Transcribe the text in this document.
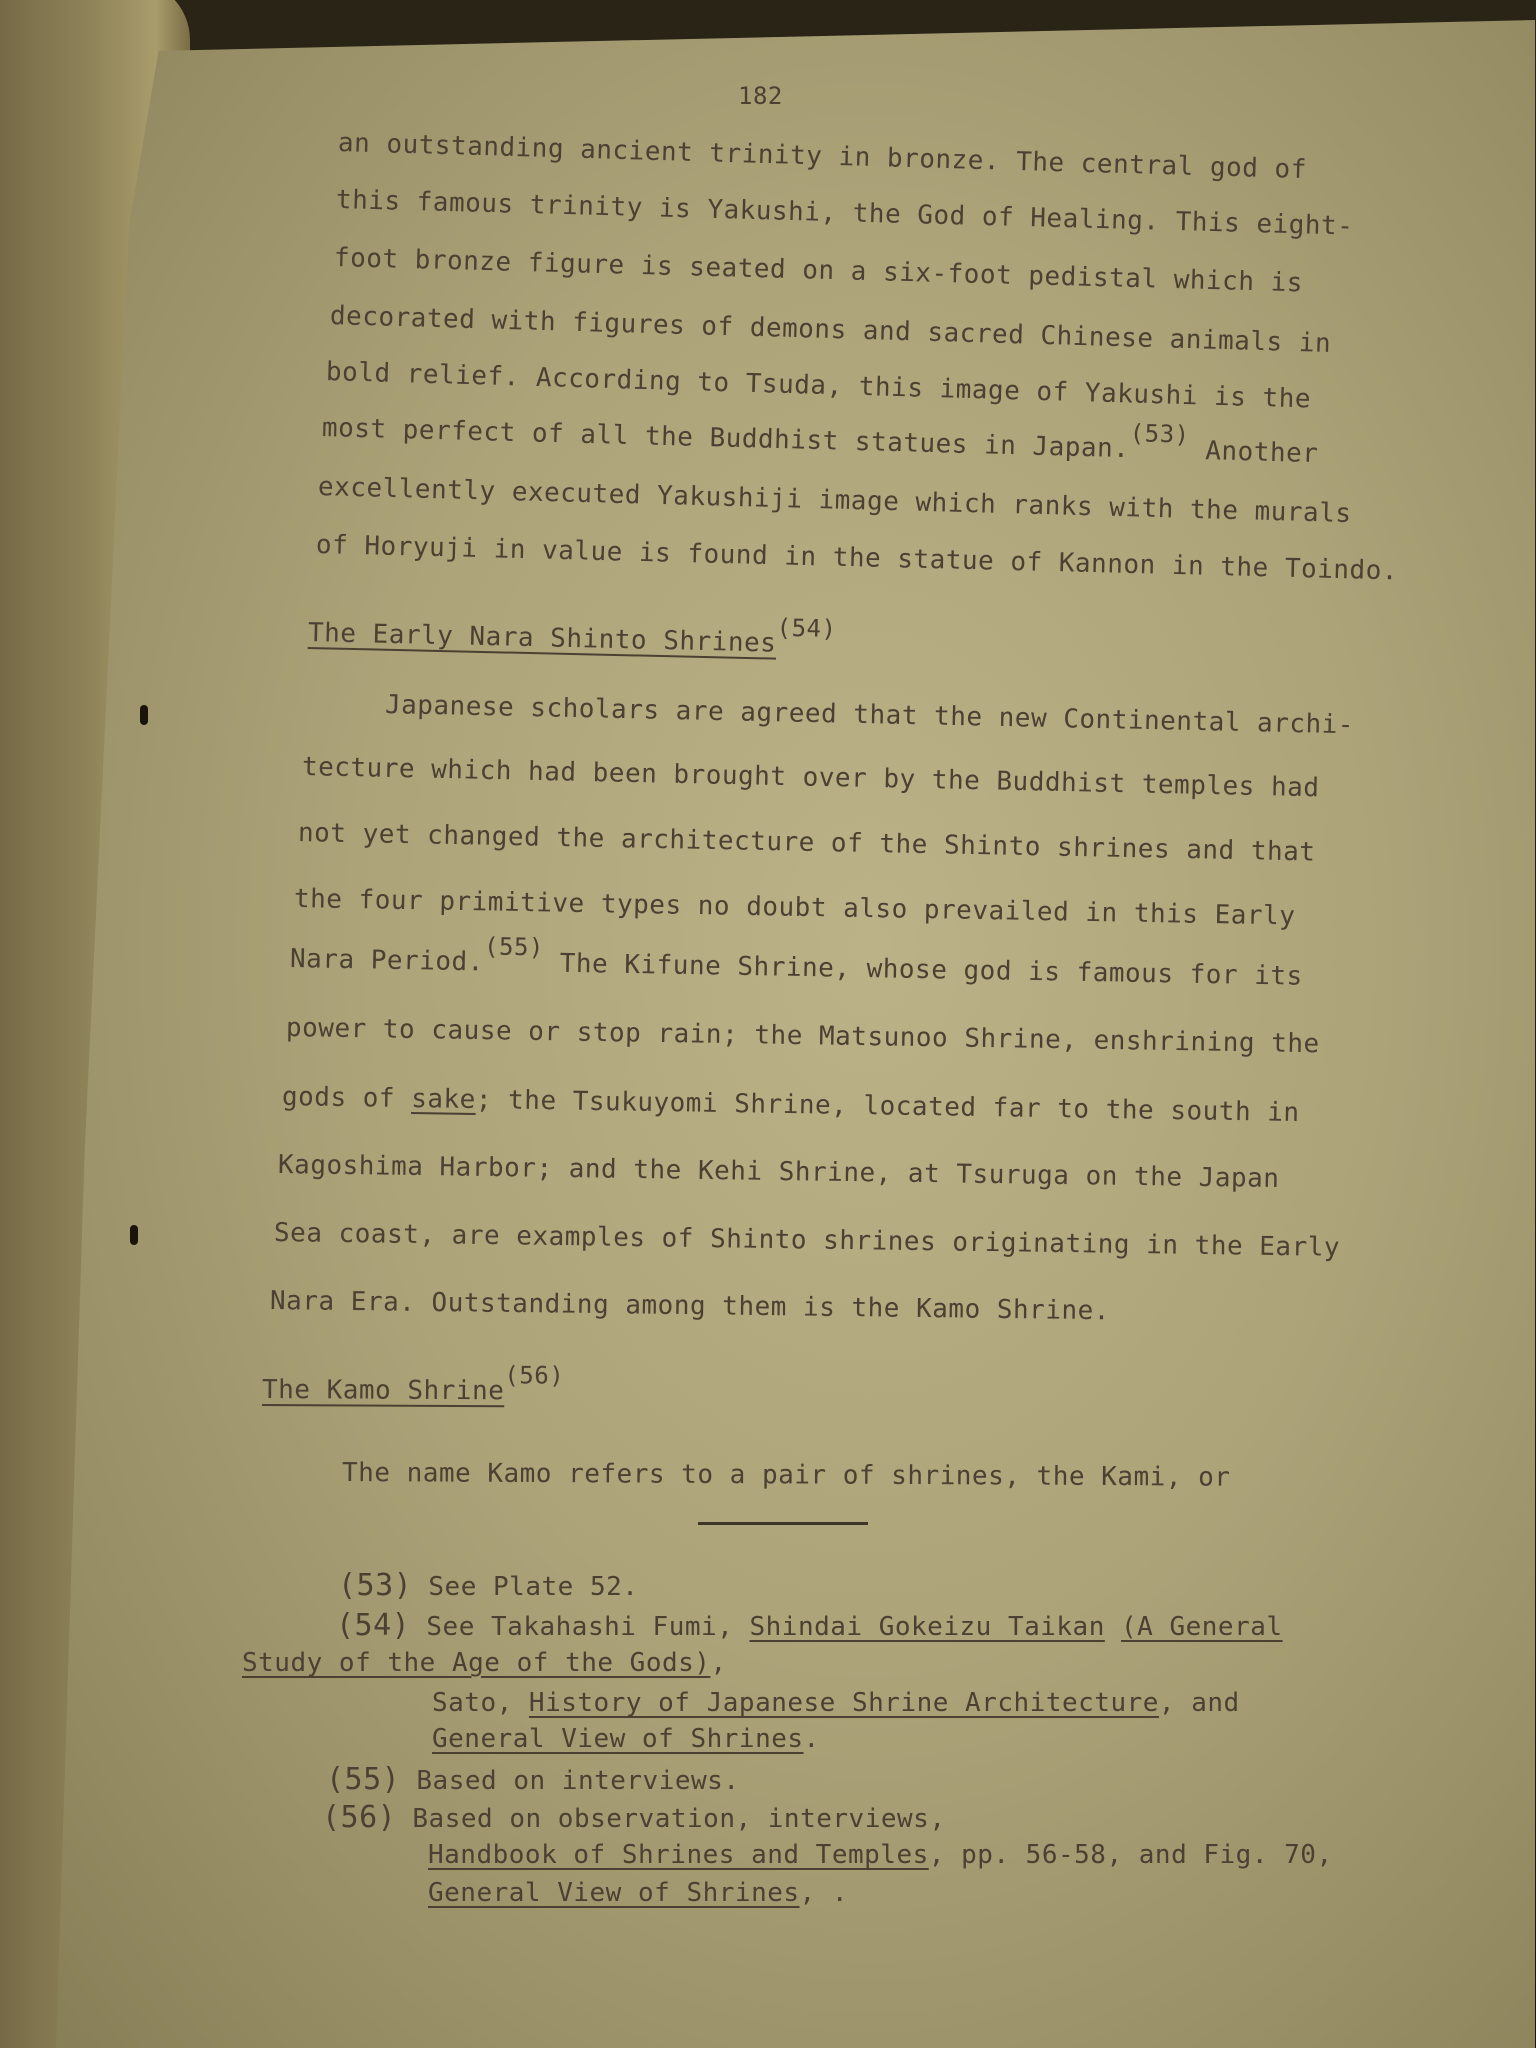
182
an outstanding ancient trinity in bronze. The central god of
this famous trinity is Yakushi, the God of Healing. This eight-
foot bronze figure is seated on a six-foot pedistal which is
decorated with figures of demons and sacred Chinese animals in
bold relief. According to Tsuda, this image of Yakushi is the
most perfect of all the Buddhist statues in Japan.(53) Another
excellently executed Yakushiji image which ranks with the murals
of Horyuji in value is found in the statue of Kannon in the Toindo.
The Early Nara Shinto Shrines(54)
Japanese scholars are agreed that the new Continental archi-
tecture which had been brought over by the Buddhist temples had
not yet changed the architecture of the Shinto shrines and that
the four primitive types no doubt also prevailed in this Early
Nara Period.(55) The Kifune Shrine, whose god is famous for its
power to cause or stop rain; the Matsunoo Shrine, enshrining the
gods of sake; the Tsukuyomi Shrine, located far to the south in
Kagoshima Harbor; and the Kehi Shrine, at Tsuruga on the Japan
Sea coast, are examples of Shinto shrines originating in the Early
Nara Era. Outstanding among them is the Kamo Shrine.
The Kamo Shrine(56)
The name Kamo refers to a pair of shrines, the Kami, or
(53) See Plate 52.
(54) See Takahashi Fumi, Shindai Gokeizu Taikan (A General
Study of the Age of the Gods),
Sato, History of Japanese Shrine Architecture, and
General View of Shrines.
(55) Based on interviews.
(56) Based on observation, interviews,
Handbook of Shrines and Temples, pp. 56-58, and Fig. 70,
General View of Shrines, .
